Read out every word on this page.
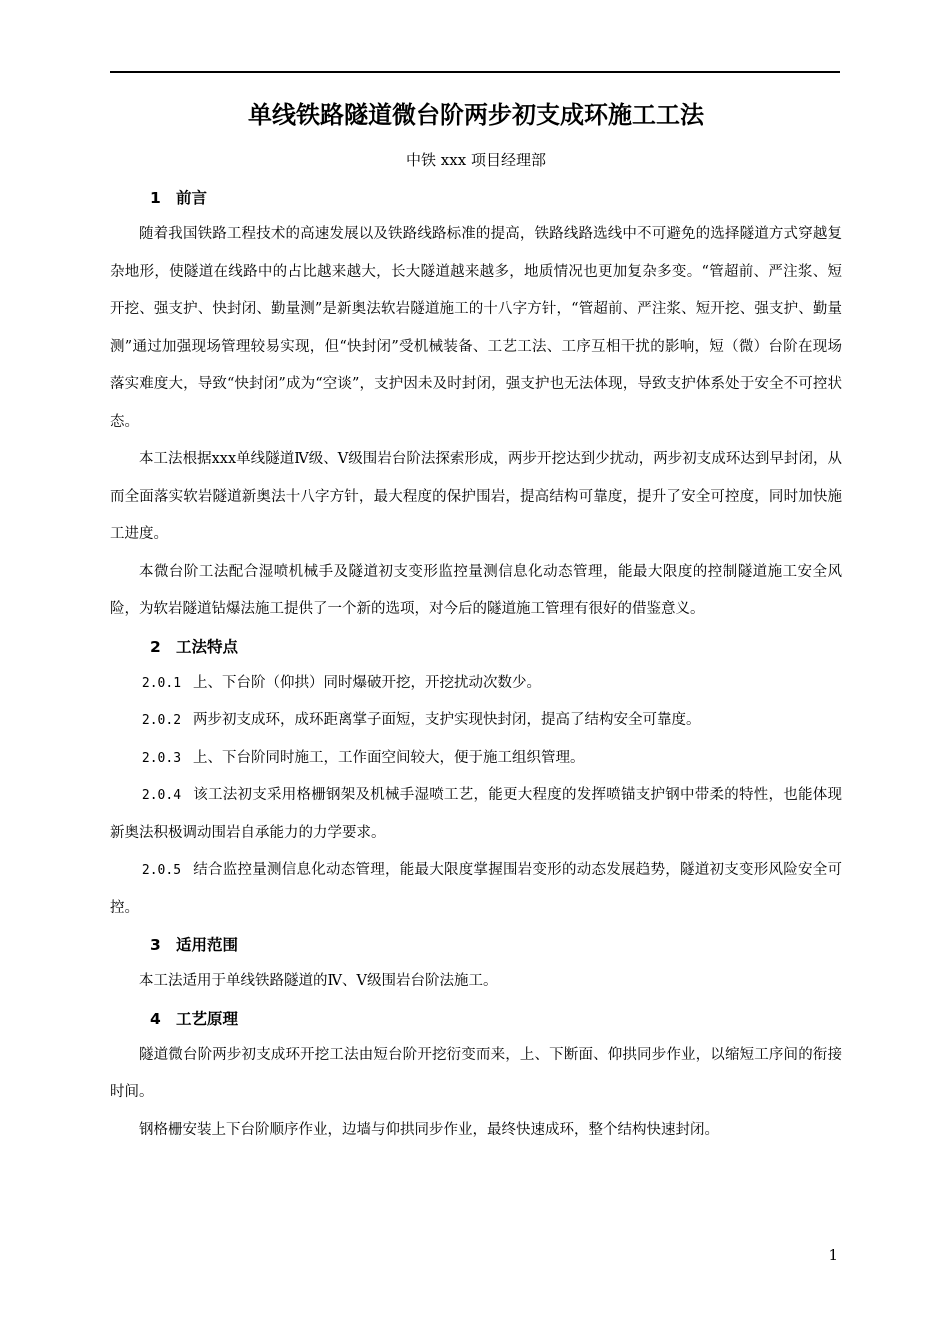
单线铁路隧道微台阶两步初支成环施工工法

中铁 xxx 项目经理部

1 前言

随着我国铁路工程技术的高速发展以及铁路线路标准的提高，铁路线路选线中不可避免的选择隧道方式穿越复杂地形，使隧道在线路中的占比越来越大，长大隧道越来越多，地质情况也更加复杂多变。“管超前、严注浆、短开挖、强支护、快封闭、勤量测”是新奥法软岩隧道施工的十八字方针，“管超前、严注浆、短开挖、强支护、勤量测”通过加强现场管理较易实现，但“快封闭”受机械装备、工艺工法、工序互相干扰的影响，短（微）台阶在现场落实难度大，导致“快封闭”成为“空谈”，支护因未及时封闭，强支护也无法体现，导致支护体系处于安全不可控状态。

本工法根据xxx单线隧道Ⅳ级、Ⅴ级围岩台阶法探索形成，两步开挖达到少扰动，两步初支成环达到早封闭，从而全面落实软岩隧道新奥法十八字方针，最大程度的保护围岩，提高结构可靠度，提升了安全可控度，同时加快施工进度。

本微台阶工法配合湿喷机械手及隧道初支变形监控量测信息化动态管理，能最大限度的控制隧道施工安全风险，为软岩隧道钻爆法施工提供了一个新的选项，对今后的隧道施工管理有很好的借鉴意义。

2 工法特点

2.0.1 上、下台阶（仰拱）同时爆破开挖，开挖扰动次数少。

2.0.2 两步初支成环，成环距离掌子面短，支护实现快封闭，提高了结构安全可靠度。

2.0.3 上、下台阶同时施工，工作面空间较大，便于施工组织管理。

2.0.4 该工法初支采用格栅钢架及机械手湿喷工艺，能更大程度的发挥喷锚支护钢中带柔的特性，也能体现新奥法积极调动围岩自承能力的力学要求。

2.0.5 结合监控量测信息化动态管理，能最大限度掌握围岩变形的动态发展趋势，隧道初支变形风险安全可控。

3 适用范围

本工法适用于单线铁路隧道的Ⅳ、Ⅴ级围岩台阶法施工。

4 工艺原理

隧道微台阶两步初支成环开挖工法由短台阶开挖衍变而来，上、下断面、仰拱同步作业，以缩短工序间的衔接时间。

钢格栅安装上下台阶顺序作业，边墙与仰拱同步作业，最终快速成环，整个结构快速封闭。

1
